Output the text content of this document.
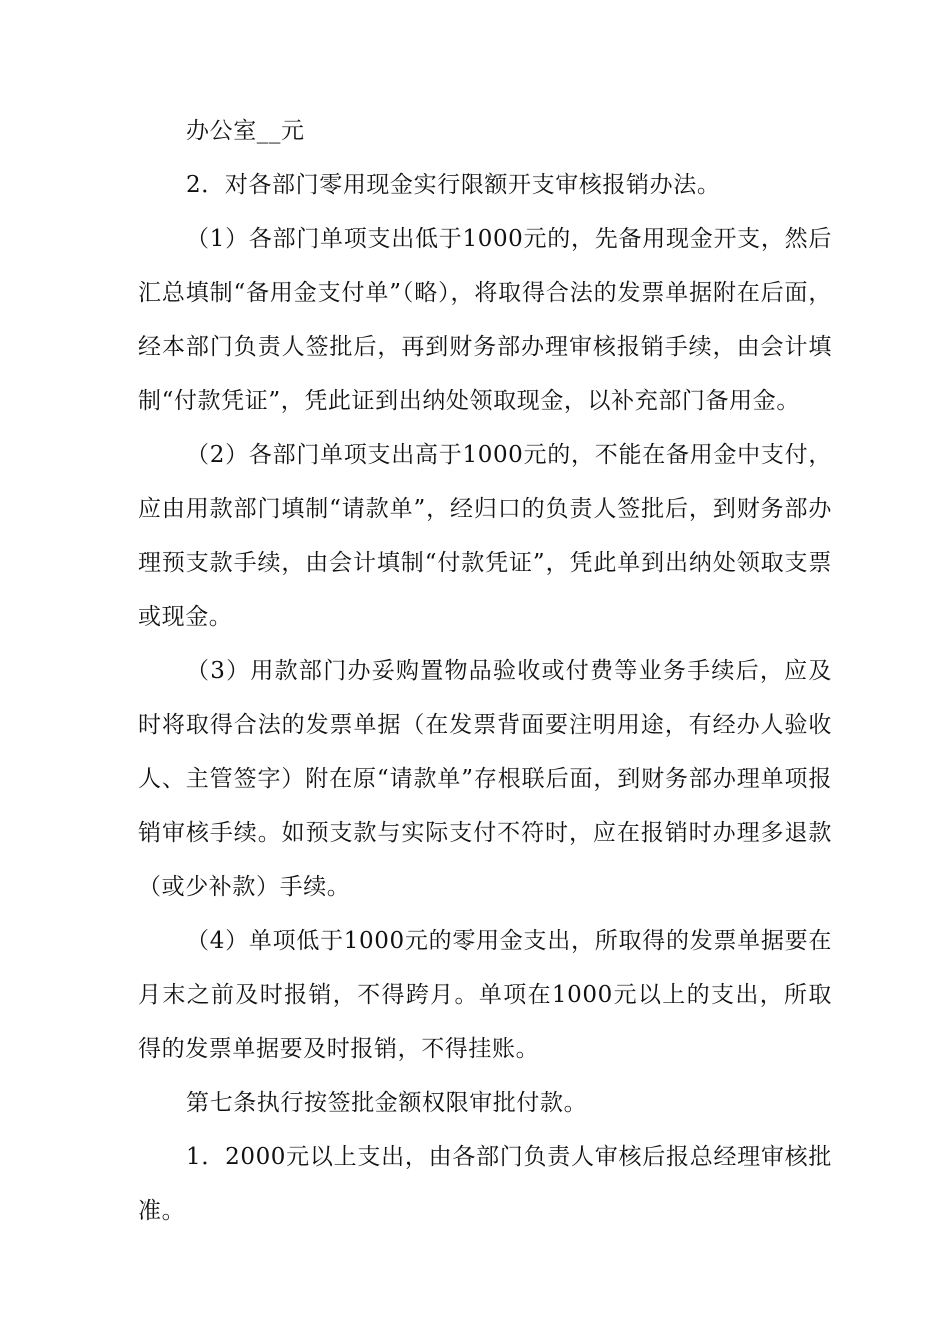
办公室__元

2．对各部门零用现金实行限额开支审核报销办法。

（1）各部门单项支出低于1000元的，先备用现金开支，然后汇总填制“备用金支付单”（略），将取得合法的发票单据附在后面，经本部门负责人签批后，再到财务部办理审核报销手续，由会计填制“付款凭证”，凭此证到出纳处领取现金，以补充部门备用金。

（2）各部门单项支出高于1000元的，不能在备用金中支付，应由用款部门填制“请款单”，经归口的负责人签批后，到财务部办理预支款手续，由会计填制“付款凭证”，凭此单到出纳处领取支票或现金。

（3）用款部门办妥购置物品验收或付费等业务手续后，应及时将取得合法的发票单据（在发票背面要注明用途，有经办人验收人、主管签字）附在原“请款单”存根联后面，到财务部办理单项报销审核手续。如预支款与实际支付不符时，应在报销时办理多退款（或少补款）手续。

（4）单项低于1000元的零用金支出，所取得的发票单据要在月末之前及时报销，不得跨月。单项在1000元以上的支出，所取得的发票单据要及时报销，不得挂账。

第七条执行按签批金额权限审批付款。

1．2000元以上支出，由各部门负责人审核后报总经理审核批准。
